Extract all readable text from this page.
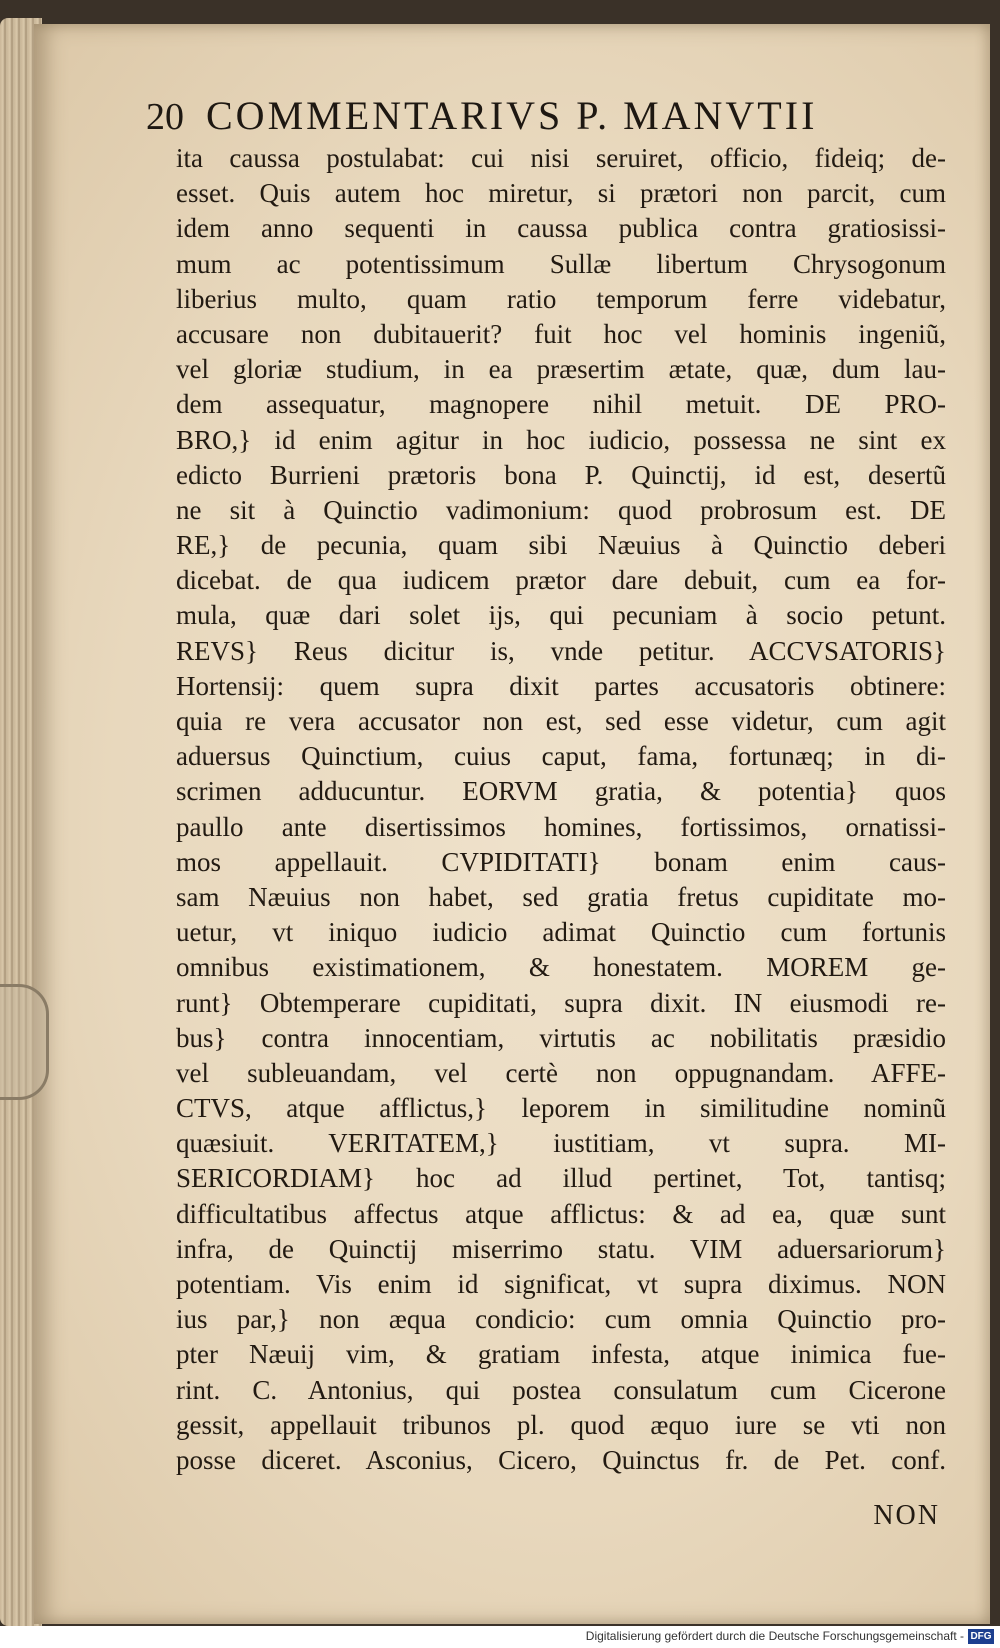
20 COMMENTARIVS P. MANVTII
ita caussa postulabat: cui nisi seruiret, officio, fideiq; de-
esset. Quis autem hoc miretur, si prætori non parcit, cum
idem anno sequenti in caussa publica contra gratiosissi-
mum ac potentissimum Sullæ libertum Chrysogonum
liberius multo, quam ratio temporum ferre videbatur,
accusare non dubitauerit? fuit hoc vel hominis ingeniũ,
vel gloriæ studium, in ea præsertim ætate, quæ, dum lau-
dem assequatur, magnopere nihil metuit. DE PRO-
BRO,} id enim agitur in hoc iudicio, possessa ne sint ex
edicto Burrieni prætoris bona P. Quinctij, id est, desertũ
ne sit à Quinctio vadimonium: quod probrosum est. DE
RE,} de pecunia, quam sibi Næuius à Quinctio deberi
dicebat. de qua iudicem prætor dare debuit, cum ea for-
mula, quæ dari solet ijs, qui pecuniam à socio petunt.
REVS} Reus dicitur is, vnde petitur. ACCVSATORIS}
Hortensij: quem supra dixit partes accusatoris obtinere:
quia re vera accusator non est, sed esse videtur, cum agit
aduersus Quinctium, cuius caput, fama, fortunæq; in di-
scrimen adducuntur. EORVM gratia, & potentia} quos
paullo ante disertissimos homines, fortissimos, ornatissi-
mos appellauit. CVPIDITATI} bonam enim caus-
sam Næuius non habet, sed gratia fretus cupiditate mo-
uetur, vt iniquo iudicio adimat Quinctio cum fortunis
omnibus existimationem, & honestatem. MOREM ge-
runt} Obtemperare cupiditati, supra dixit. IN eiusmodi re-
bus} contra innocentiam, virtutis ac nobilitatis præsidio
vel subleuandam, vel certè non oppugnandam. AFFE-
CTVS, atque afflictus,} leporem in similitudine nominũ
quæsiuit. VERITATEM,} iustitiam, vt supra. MI-
SERICORDIAM} hoc ad illud pertinet, Tot, tantisq;
difficultatibus affectus atque afflictus: & ad ea, quæ sunt
infra, de Quinctij miserrimo statu. VIM aduersariorum}
potentiam. Vis enim id significat, vt supra diximus. NON
ius par,} non æqua condicio: cum omnia Quinctio pro-
pter Næuij vim, & gratiam infesta, atque inimica fue-
rint. C. Antonius, qui postea consulatum cum Cicerone
gessit, appellauit tribunos pl. quod æquo iure se vti non
posse diceret. Asconius, Cicero, Quinctus fr. de Pet. conf.
NON
Digitalisierung gefördert durch die Deutsche Forschungsgemeinschaft - DFG
